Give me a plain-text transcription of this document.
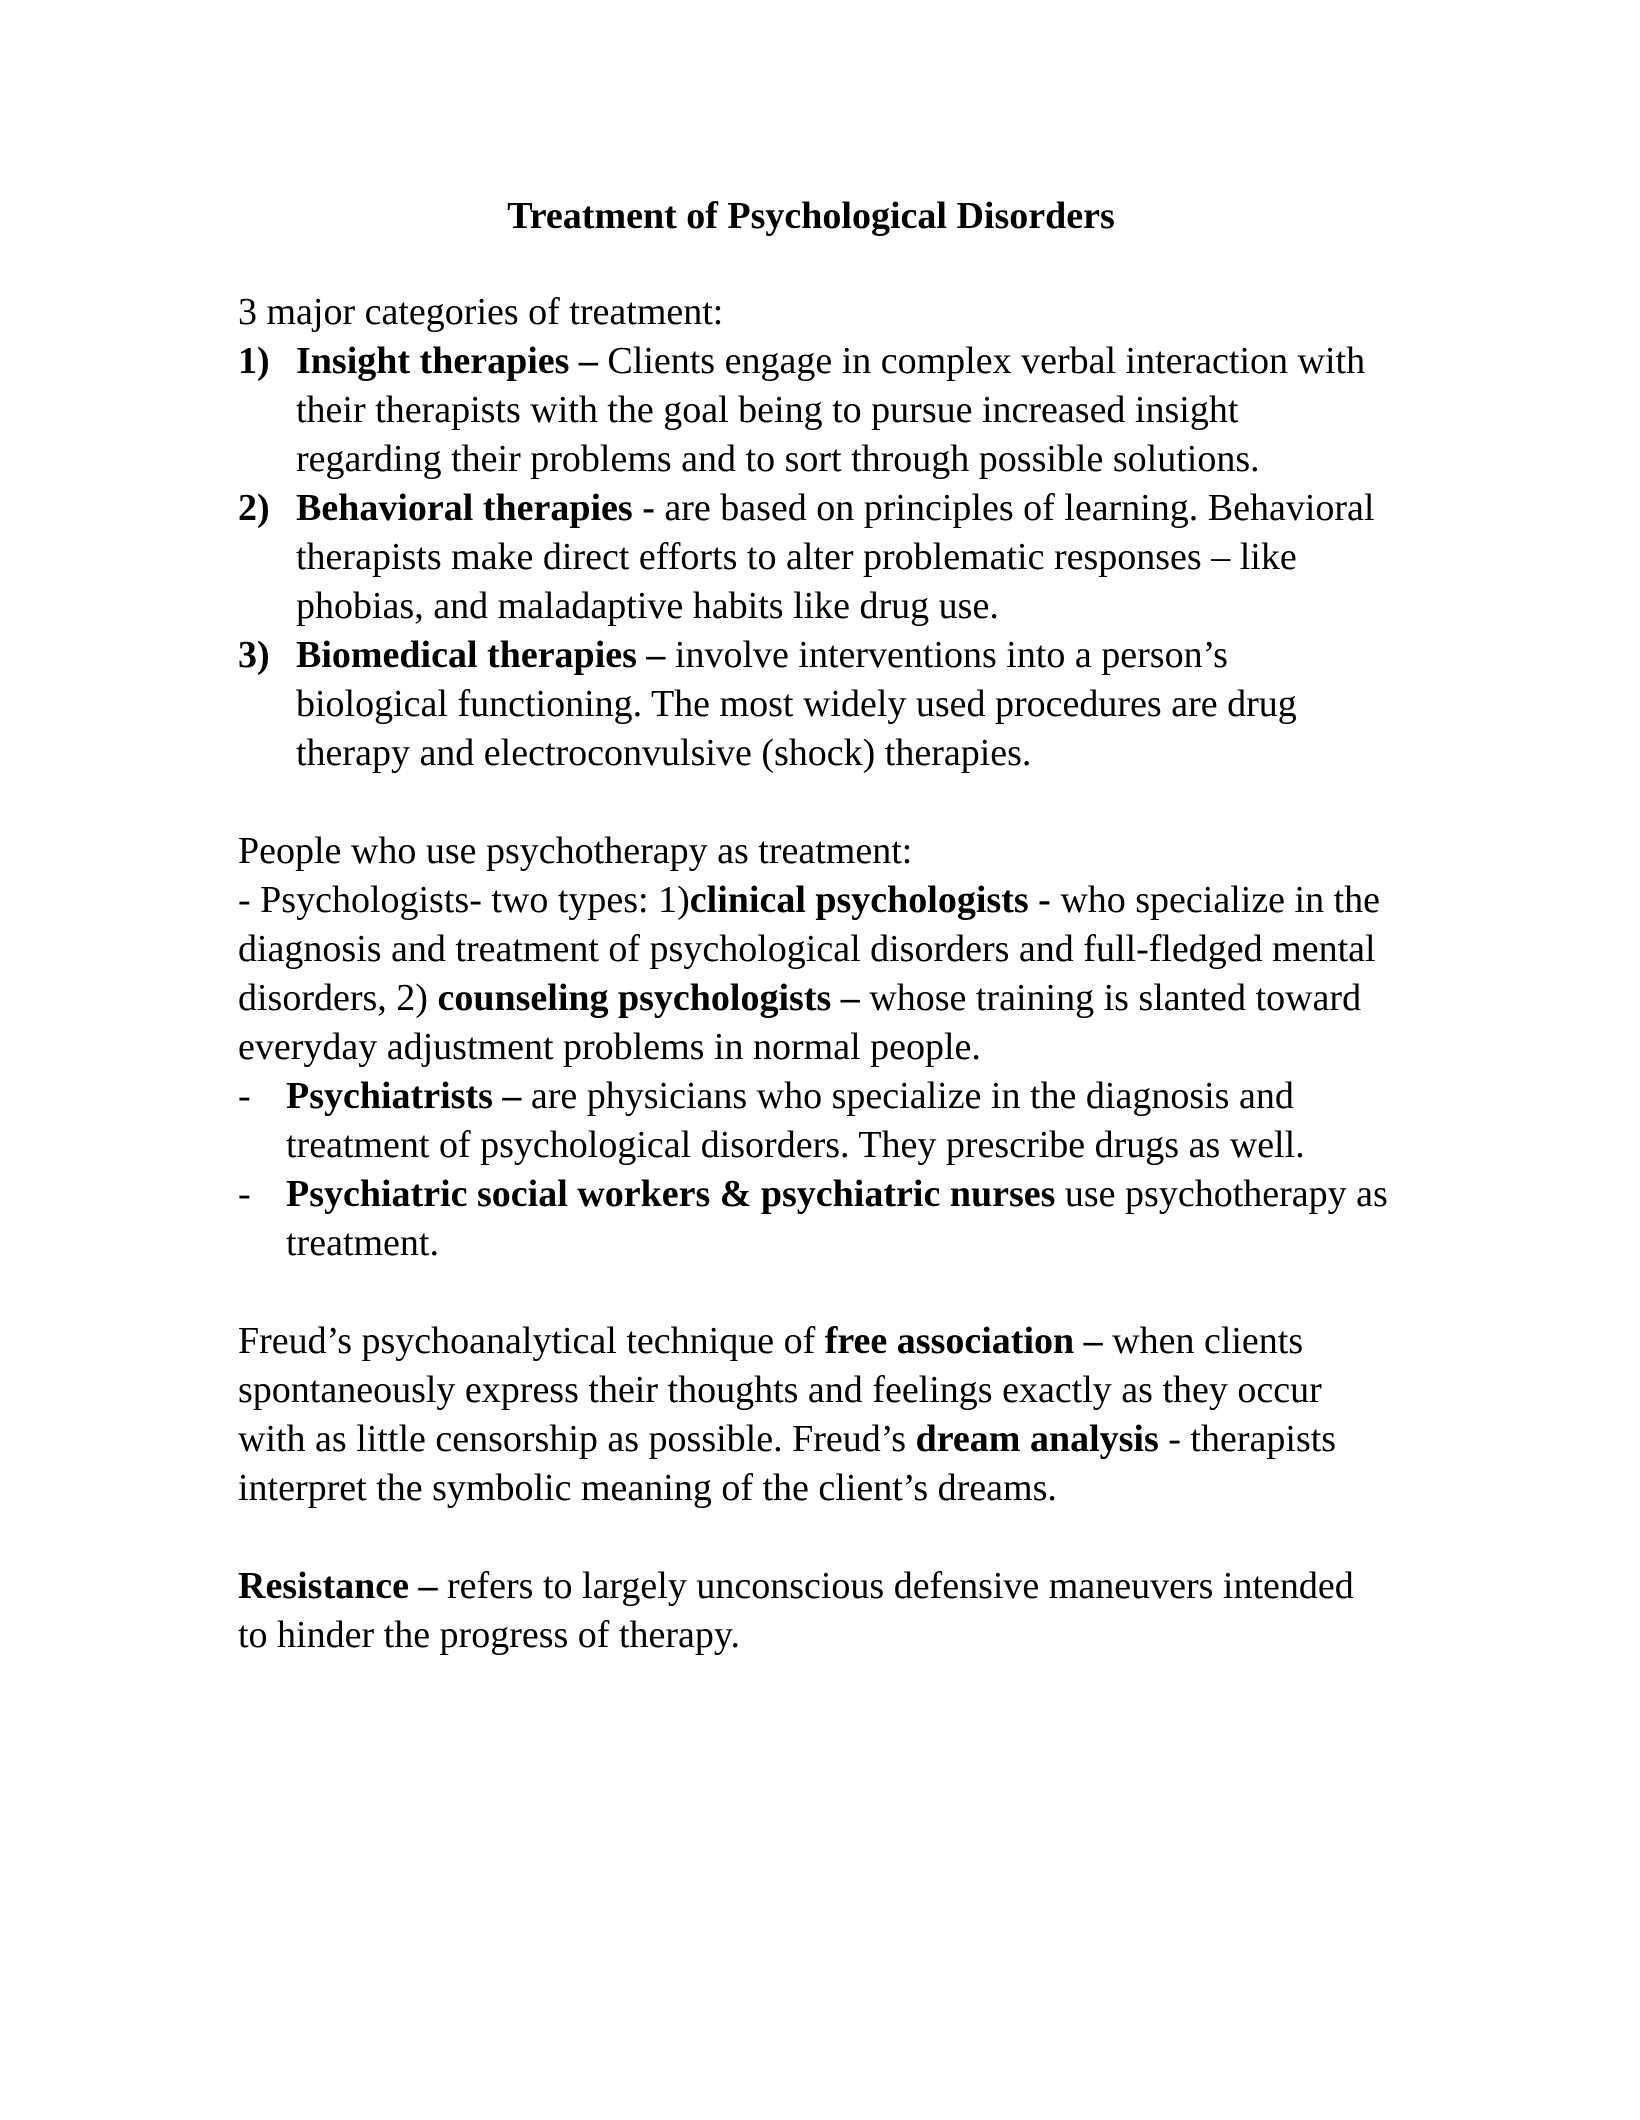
Treatment of Psychological Disorders

3 major categories of treatment:

1) Insight therapies – Clients engage in complex verbal interaction with their therapists with the goal being to pursue increased insight regarding their problems and to sort through possible solutions.
2) Behavioral therapies - are based on principles of learning. Behavioral therapists make direct efforts to alter problematic responses – like phobias, and maladaptive habits like drug use.
3) Biomedical therapies – involve interventions into a person’s biological functioning. The most widely used procedures are drug therapy and electroconvulsive (shock) therapies.

People who use psychotherapy as treatment:

- Psychologists- two types: 1)clinical psychologists - who specialize in the diagnosis and treatment of psychological disorders and full-fledged mental disorders, 2) counseling psychologists – whose training is slanted toward everyday adjustment problems in normal people.

- Psychiatrists – are physicians who specialize in the diagnosis and treatment of psychological disorders. They prescribe drugs as well.
- Psychiatric social workers & psychiatric nurses use psychotherapy as treatment.

Freud’s psychoanalytical technique of free association – when clients spontaneously express their thoughts and feelings exactly as they occur with as little censorship as possible. Freud’s dream analysis - therapists interpret the symbolic meaning of the client’s dreams.

Resistance – refers to largely unconscious defensive maneuvers intended to hinder the progress of therapy.
